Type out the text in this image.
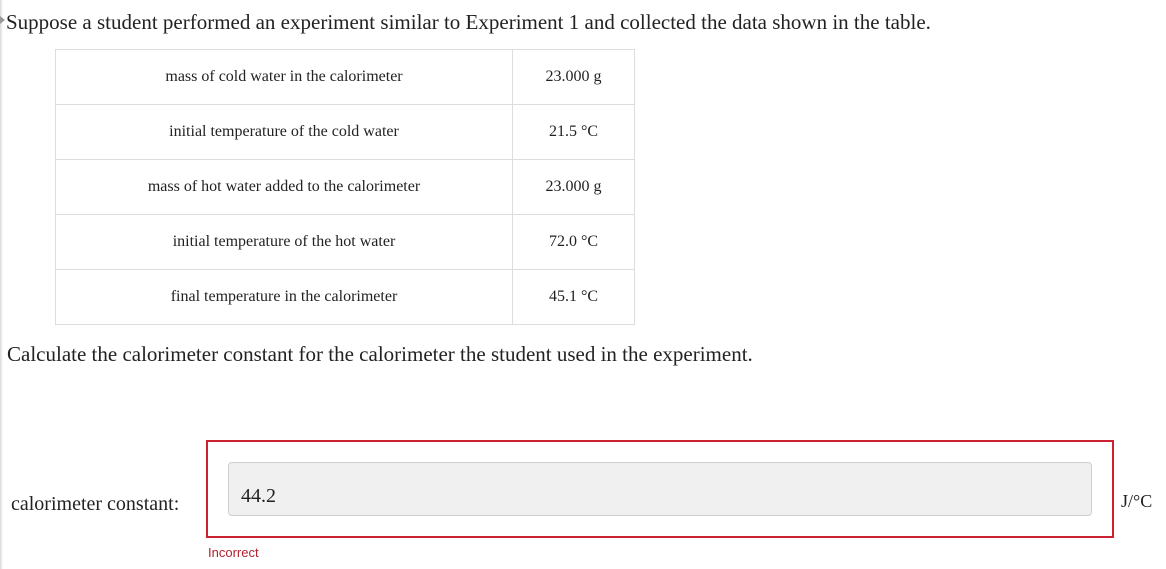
Suppose a student performed an experiment similar to Experiment 1 and collected the data shown in the table.

mass of cold water in the calorimeter	23.000 g
initial temperature of the cold water	21.5 °C
mass of hot water added to the calorimeter	23.000 g
initial temperature of the hot water	72.0 °C
final temperature in the calorimeter	45.1 °C

Calculate the calorimeter constant for the calorimeter the student used in the experiment.

calorimeter constant:
44.2	J/°C
Incorrect
